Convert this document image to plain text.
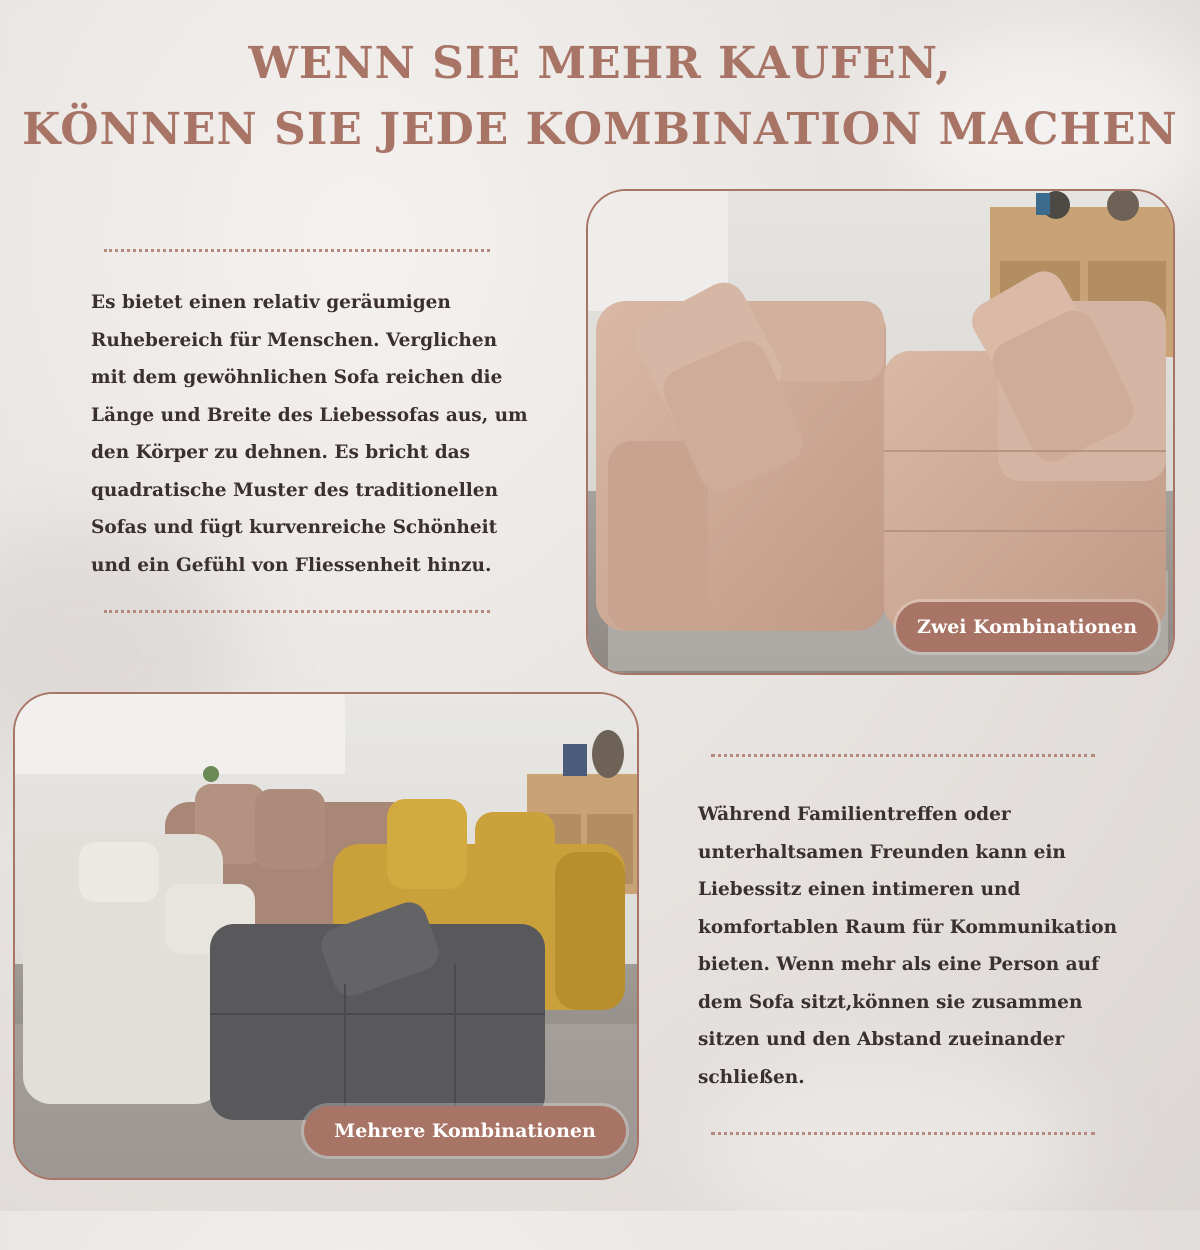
WENN SIE MEHR KAUFEN,
KÖNNEN SIE JEDE KOMBINATION MACHEN
Es bietet einen relativ geräumigen
Ruhebereich für Menschen. Verglichen
mit dem gewöhnlichen Sofa reichen die
Länge und Breite des Liebessofas aus, um
den Körper zu dehnen. Es bricht das
quadratische Muster des traditionellen
Sofas und fügt kurvenreiche Schönheit
und ein Gefühl von Fliessenheit hinzu.
Zwei Kombinationen
Mehrere Kombinationen
Während Familientreffen oder
unterhaltsamen Freunden kann ein
Liebessitz einen intimeren und
komfortablen Raum für Kommunikation
bieten. Wenn mehr als eine Person auf
dem Sofa sitzt,können sie zusammen
sitzen und den Abstand zueinander
schließen.
